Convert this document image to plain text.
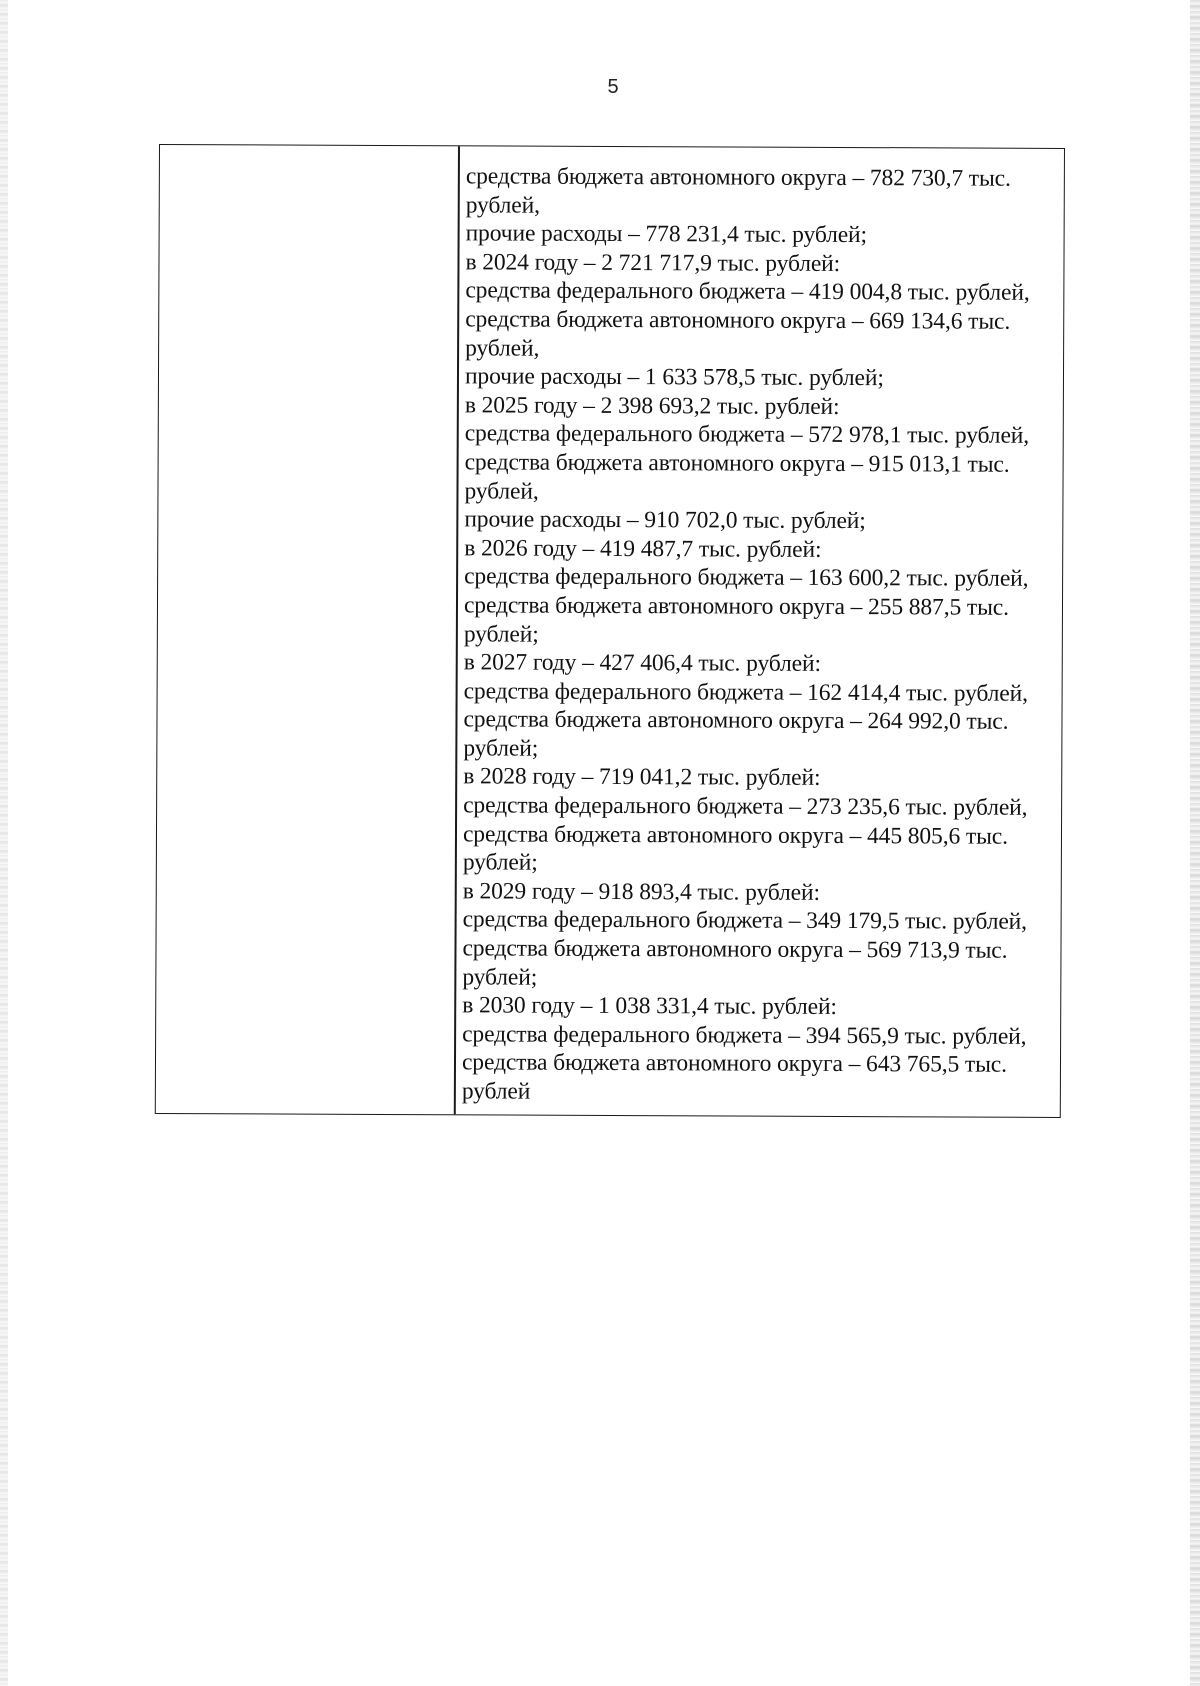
5
средства бюджета автономного округа – 782 730,7 тыс.
рублей,
прочие расходы – 778 231,4 тыс. рублей;
в 2024 году – 2 721 717,9 тыс. рублей:
средства федерального бюджета – 419 004,8 тыс. рублей,
средства бюджета автономного округа – 669 134,6 тыс.
рублей,
прочие расходы – 1 633 578,5 тыс. рублей;
в 2025 году – 2 398 693,2 тыс. рублей:
средства федерального бюджета – 572 978,1 тыс. рублей,
средства бюджета автономного округа – 915 013,1 тыс.
рублей,
прочие расходы – 910 702,0 тыс. рублей;
в 2026 году – 419 487,7 тыс. рублей:
средства федерального бюджета – 163 600,2 тыс. рублей,
средства бюджета автономного округа – 255 887,5 тыс.
рублей;
в 2027 году – 427 406,4 тыс. рублей:
средства федерального бюджета – 162 414,4 тыс. рублей,
средства бюджета автономного округа – 264 992,0 тыс.
рублей;
в 2028 году – 719 041,2 тыс. рублей:
средства федерального бюджета – 273 235,6 тыс. рублей,
средства бюджета автономного округа – 445 805,6 тыс.
рублей;
в 2029 году – 918 893,4 тыс. рублей:
средства федерального бюджета – 349 179,5 тыс. рублей,
средства бюджета автономного округа – 569 713,9 тыс.
рублей;
в 2030 году – 1 038 331,4 тыс. рублей:
средства федерального бюджета – 394 565,9 тыс. рублей,
средства бюджета автономного округа – 643 765,5 тыс.
рублей
